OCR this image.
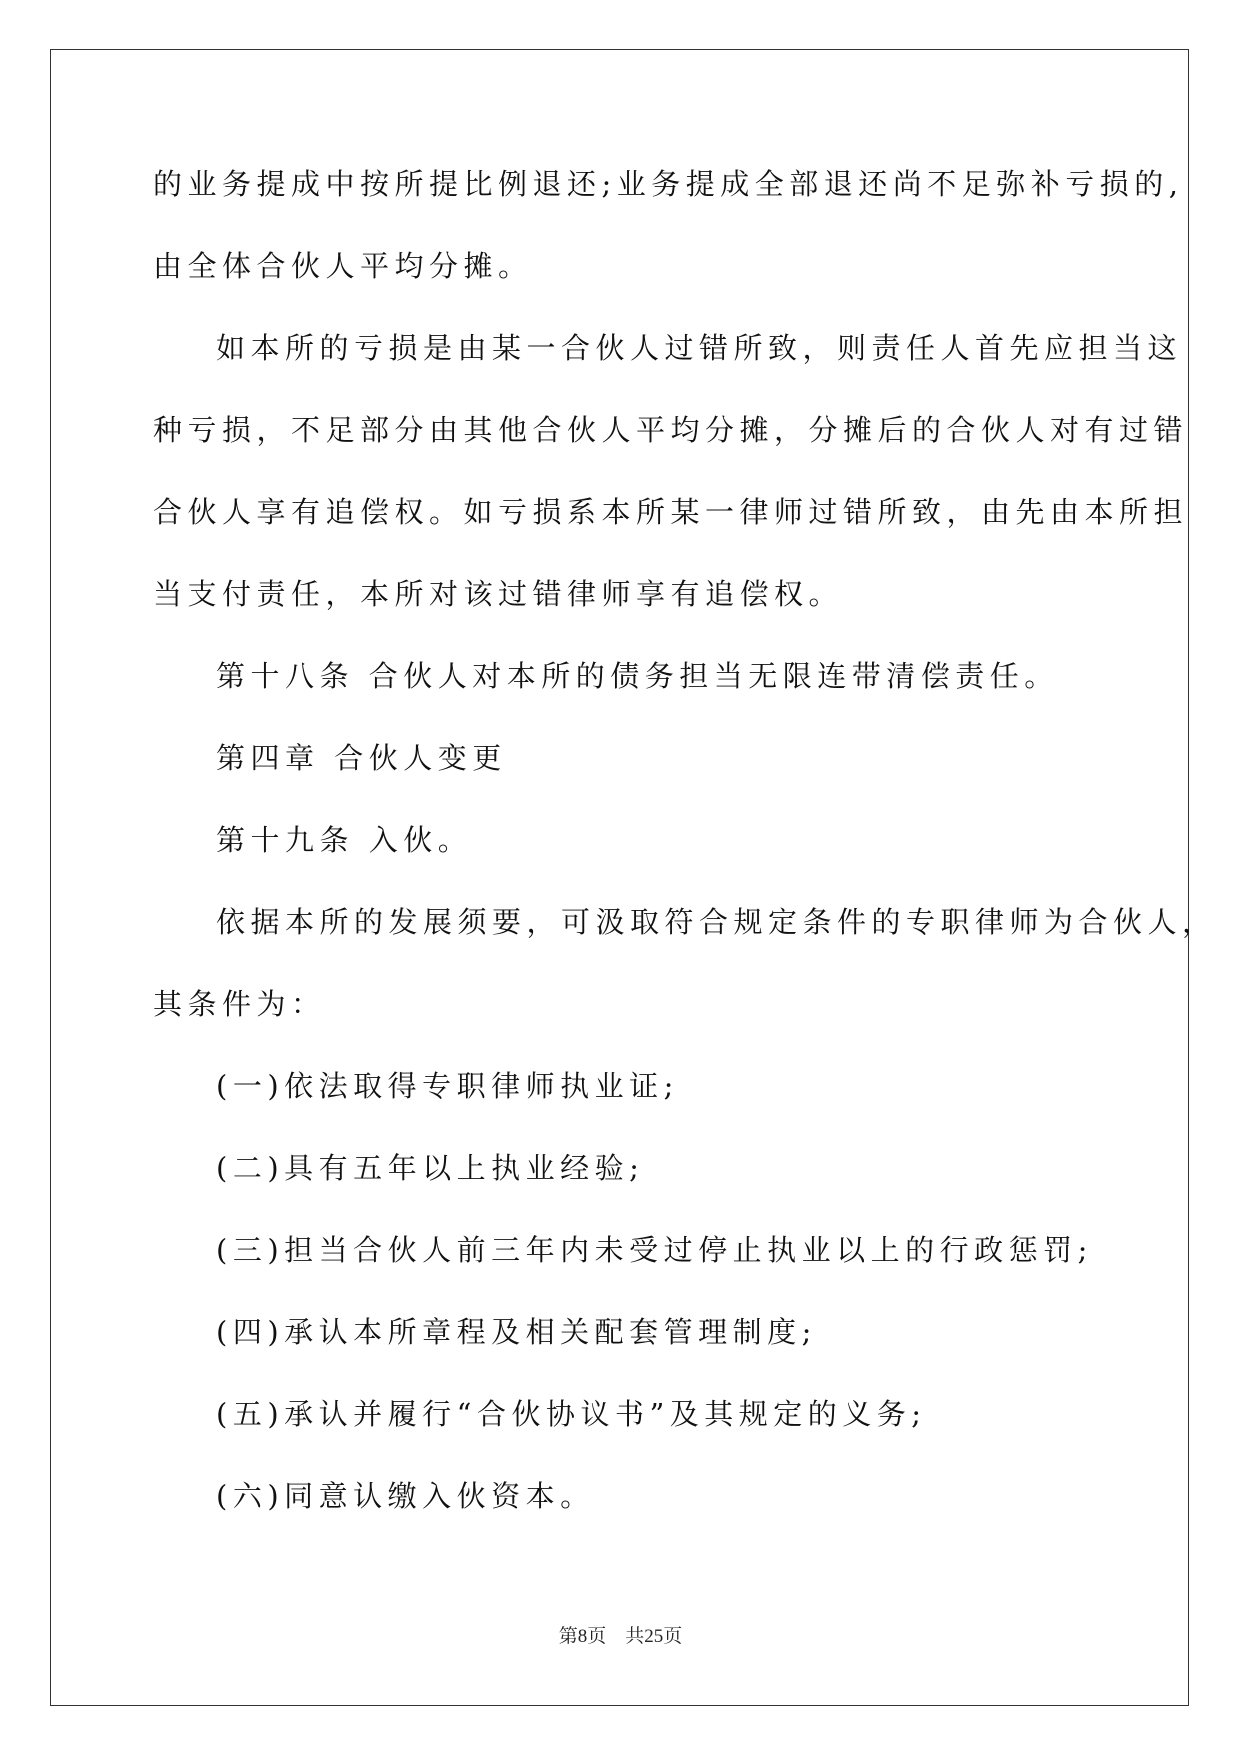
的业务提成中按所提比例退还;业务提成全部退还尚不足弥补亏损的,
由全体合伙人平均分摊。
如本所的亏损是由某一合伙人过错所致，则责任人首先应担当这
种亏损，不足部分由其他合伙人平均分摊，分摊后的合伙人对有过错
合伙人享有追偿权。如亏损系本所某一律师过错所致，由先由本所担
当支付责任，本所对该过错律师享有追偿权。
第十八条 合伙人对本所的债务担当无限连带清偿责任。
第四章 合伙人变更
第十九条 入伙。
依据本所的发展须要，可汲取符合规定条件的专职律师为合伙人，
其条件为：
(一)依法取得专职律师执业证;
(二)具有五年以上执业经验;
(三)担当合伙人前三年内未受过停止执业以上的行政惩罚;
(四)承认本所章程及相关配套管理制度;
(五)承认并履行“合伙协议书”及其规定的义务;
(六)同意认缴入伙资本。
第8页　共25页
